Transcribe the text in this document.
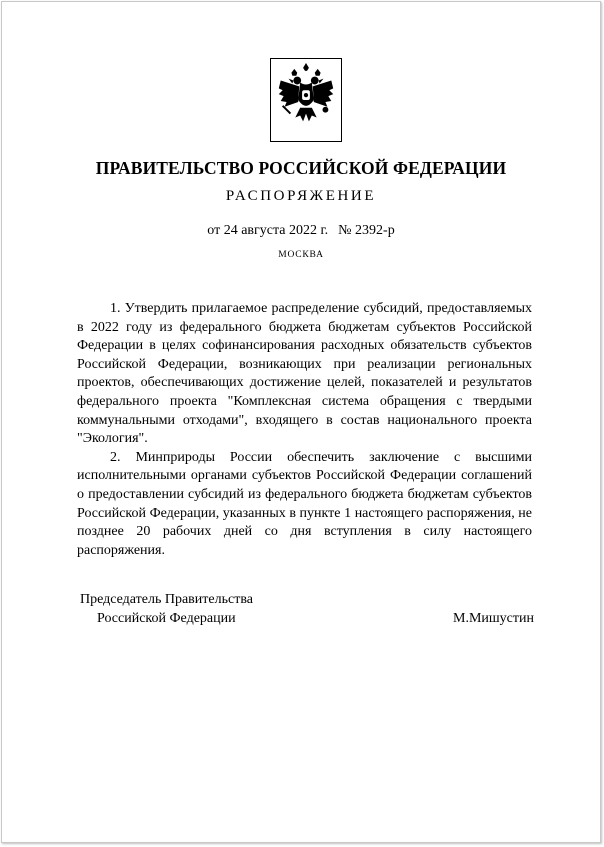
ПРАВИТЕЛЬСТВО РОССИЙСКОЙ ФЕДЕРАЦИИ
РАСПОРЯЖЕНИЕ
от 24 августа 2022 г. № 2392-р
МОСКВА

1. Утвердить прилагаемое распределение субсидий, предоставляемых в 2022 году из федерального бюджета бюджетам субъектов Российской Федерации в целях софинансирования расходных обязательств субъектов Российской Федерации, возникающих при реализации региональных проектов, обеспечивающих достижение целей, показателей и результатов федерального проекта "Комплексная система обращения с твердыми коммунальными отходами", входящего в состав национального проекта "Экология".

2. Минприроды России обеспечить заключение с высшими исполнительными органами субъектов Российской Федерации соглашений о предоставлении субсидий из федерального бюджета бюджетам субъектов Российской Федерации, указанных в пункте 1 настоящего распоряжения, не позднее 20 рабочих дней со дня вступления в силу настоящего распоряжения.

Председатель Правительства
Российской Федерации	М.Мишустин
